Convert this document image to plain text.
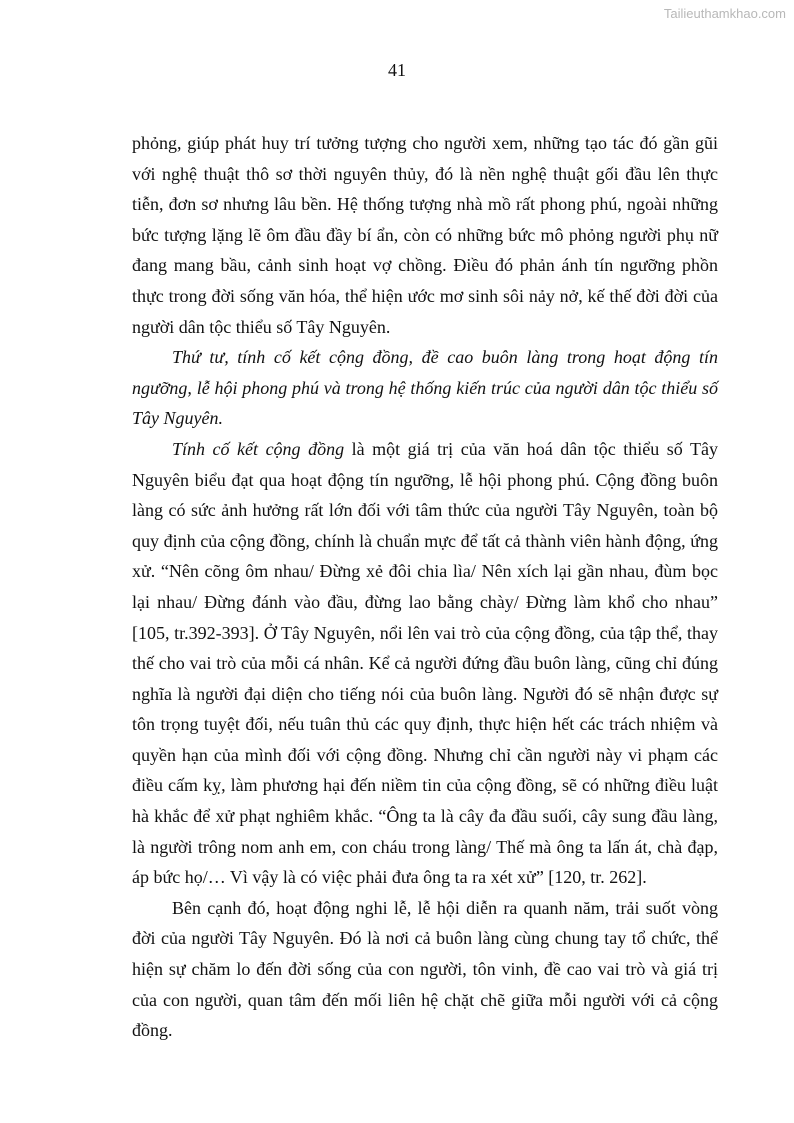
Tailieuthamkhao.com
41

phỏng, giúp phát huy trí tưởng tượng cho người xem, những tạo tác đó gần gũi với nghệ thuật thô sơ thời nguyên thủy, đó là nền nghệ thuật gối đầu lên thực tiễn, đơn sơ nhưng lâu bền. Hệ thống tượng nhà mồ rất phong phú, ngoài những bức tượng lặng lẽ ôm đầu đầy bí ẩn, còn có những bức mô phỏng người phụ nữ đang mang bầu, cảnh sinh hoạt vợ chồng. Điều đó phản ánh tín ngưỡng phồn thực trong đời sống văn hóa, thể hiện ước mơ sinh sôi nảy nở, kế thế đời đời của người dân tộc thiểu số Tây Nguyên.

Thứ tư, tính cố kết cộng đồng, đề cao buôn làng trong hoạt động tín ngưỡng, lễ hội phong phú và trong hệ thống kiến trúc của người dân tộc thiểu số Tây Nguyên.

Tính cố kết cộng đồng là một giá trị của văn hoá dân tộc thiểu số Tây Nguyên biểu đạt qua hoạt động tín ngưỡng, lễ hội phong phú. Cộng đồng buôn làng có sức ảnh hưởng rất lớn đối với tâm thức của người Tây Nguyên, toàn bộ quy định của cộng đồng, chính là chuẩn mực để tất cả thành viên hành động, ứng xử. “Nên cõng ôm nhau/ Đừng xẻ đôi chia lìa/ Nên xích lại gần nhau, đùm bọc lại nhau/ Đừng đánh vào đầu, đừng lao bằng chày/ Đừng làm khổ cho nhau” [105, tr.392-393]. Ở Tây Nguyên, nổi lên vai trò của cộng đồng, của tập thể, thay thế cho vai trò của mỗi cá nhân. Kể cả người đứng đầu buôn làng, cũng chỉ đúng nghĩa là người đại diện cho tiếng nói của buôn làng. Người đó sẽ nhận được sự tôn trọng tuyệt đối, nếu tuân thủ các quy định, thực hiện hết các trách nhiệm và quyền hạn của mình đối với cộng đồng. Nhưng chỉ cần người này vi phạm các điều cấm kỵ, làm phương hại đến niềm tin của cộng đồng, sẽ có những điều luật hà khắc để xử phạt nghiêm khắc. “Ông ta là cây đa đầu suối, cây sung đầu làng, là người trông nom anh em, con cháu trong làng/ Thế mà ông ta lấn át, chà đạp, áp bức họ/… Vì vậy là có việc phải đưa ông ta ra xét xử” [120, tr. 262].

Bên cạnh đó, hoạt động nghi lễ, lễ hội diễn ra quanh năm, trải suốt vòng đời của người Tây Nguyên. Đó là nơi cả buôn làng cùng chung tay tổ chức, thể hiện sự chăm lo đến đời sống của con người, tôn vinh, đề cao vai trò và giá trị của con người, quan tâm đến mối liên hệ chặt chẽ giữa mỗi người với cả cộng đồng.
